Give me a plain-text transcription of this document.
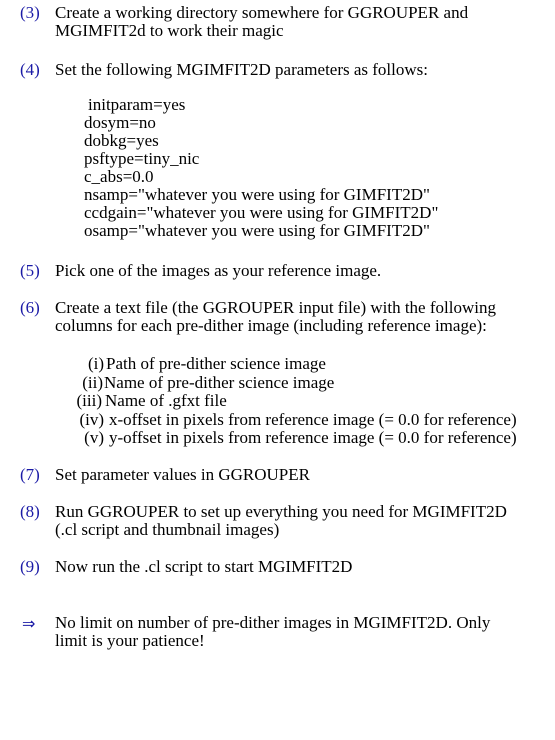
(3) Create a working directory somewhere for GGROUPER and
MGIMFIT2d to work their magic
(4) Set the following MGIMFIT2D parameters as follows:
initparam=yes
dosym=no
dobkg=yes
psftype=tiny_nic
c_abs=0.0
nsamp="whatever you were using for GIMFIT2D"
ccdgain="whatever you were using for GIMFIT2D"
osamp="whatever you were using for GIMFIT2D"
(5) Pick one of the images as your reference image.
(6) Create a text file (the GGROUPER input file) with the following
columns for each pre-dither image (including reference image):
(i) Path of pre-dither science image
(ii) Name of pre-dither science image
(iii) Name of .gfxt file
(iv) x-offset in pixels from reference image (= 0.0 for reference)
(v) y-offset in pixels from reference image (= 0.0 for reference)
(7) Set parameter values in GGROUPER
(8) Run GGROUPER to set up everything you need for MGIMFIT2D
(.cl script and thumbnail images)
(9) Now run the .cl script to start MGIMFIT2D
⇒ No limit on number of pre-dither images in MGIMFIT2D. Only
limit is your patience!
